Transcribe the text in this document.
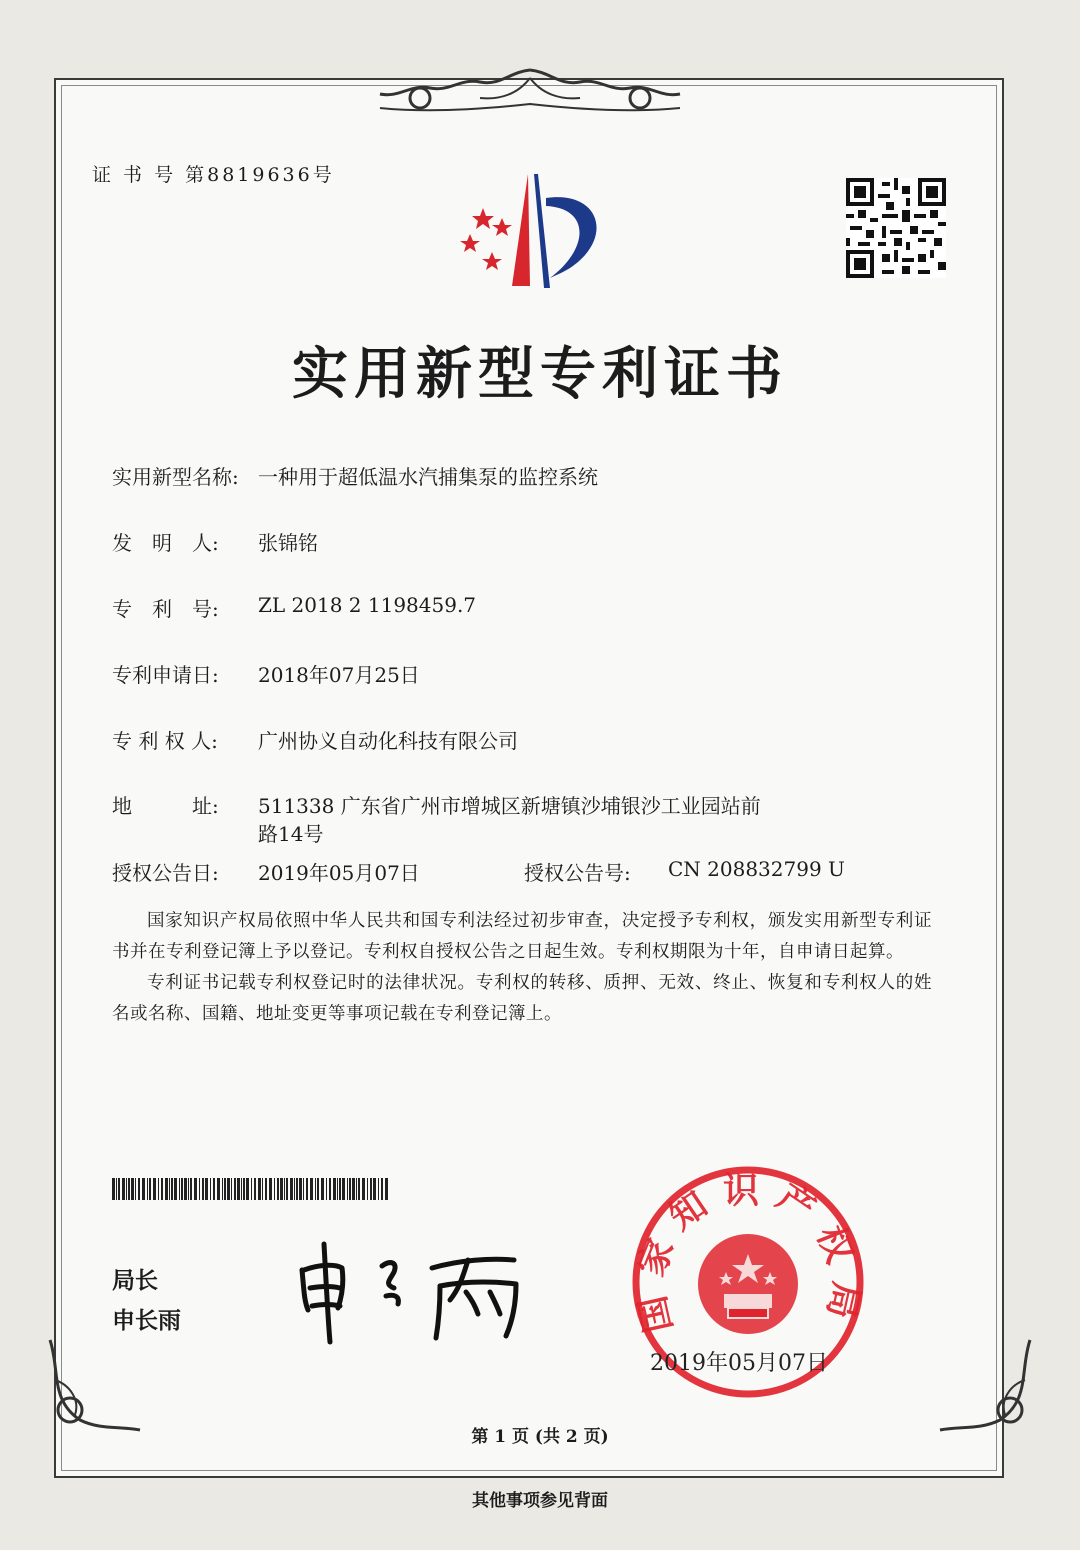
证 书 号 第8819636号
实用新型专利证书
实用新型名称: 一种用于超低温水汽捕集泵的监控系统
发　明　人: 张锦铭
专　利　号: ZL 2018 2 1198459.7
专利申请日: 2018年07月25日
专 利 权 人: 广州协义自动化科技有限公司
地　　　址: 511338 广东省广州市增城区新塘镇沙埔银沙工业园站前
路14号
授权公告日: 2019年05月07日	授权公告号: CN 208832799 U

国家知识产权局依照中华人民共和国专利法经过初步审查，决定授予专利权，颁发实用新型专利证书并在专利登记簿上予以登记。专利权自授权公告之日起生效。专利权期限为十年，自申请日起算。

专利证书记载专利权登记时的法律状况。专利权的转移、质押、无效、终止、恢复和专利权人的姓名或名称、国籍、地址变更等事项记载在专利登记簿上。

局长
申长雨	国家知识产权局
2019年05月07日
第 1 页 (共 2 页)
其他事项参见背面
